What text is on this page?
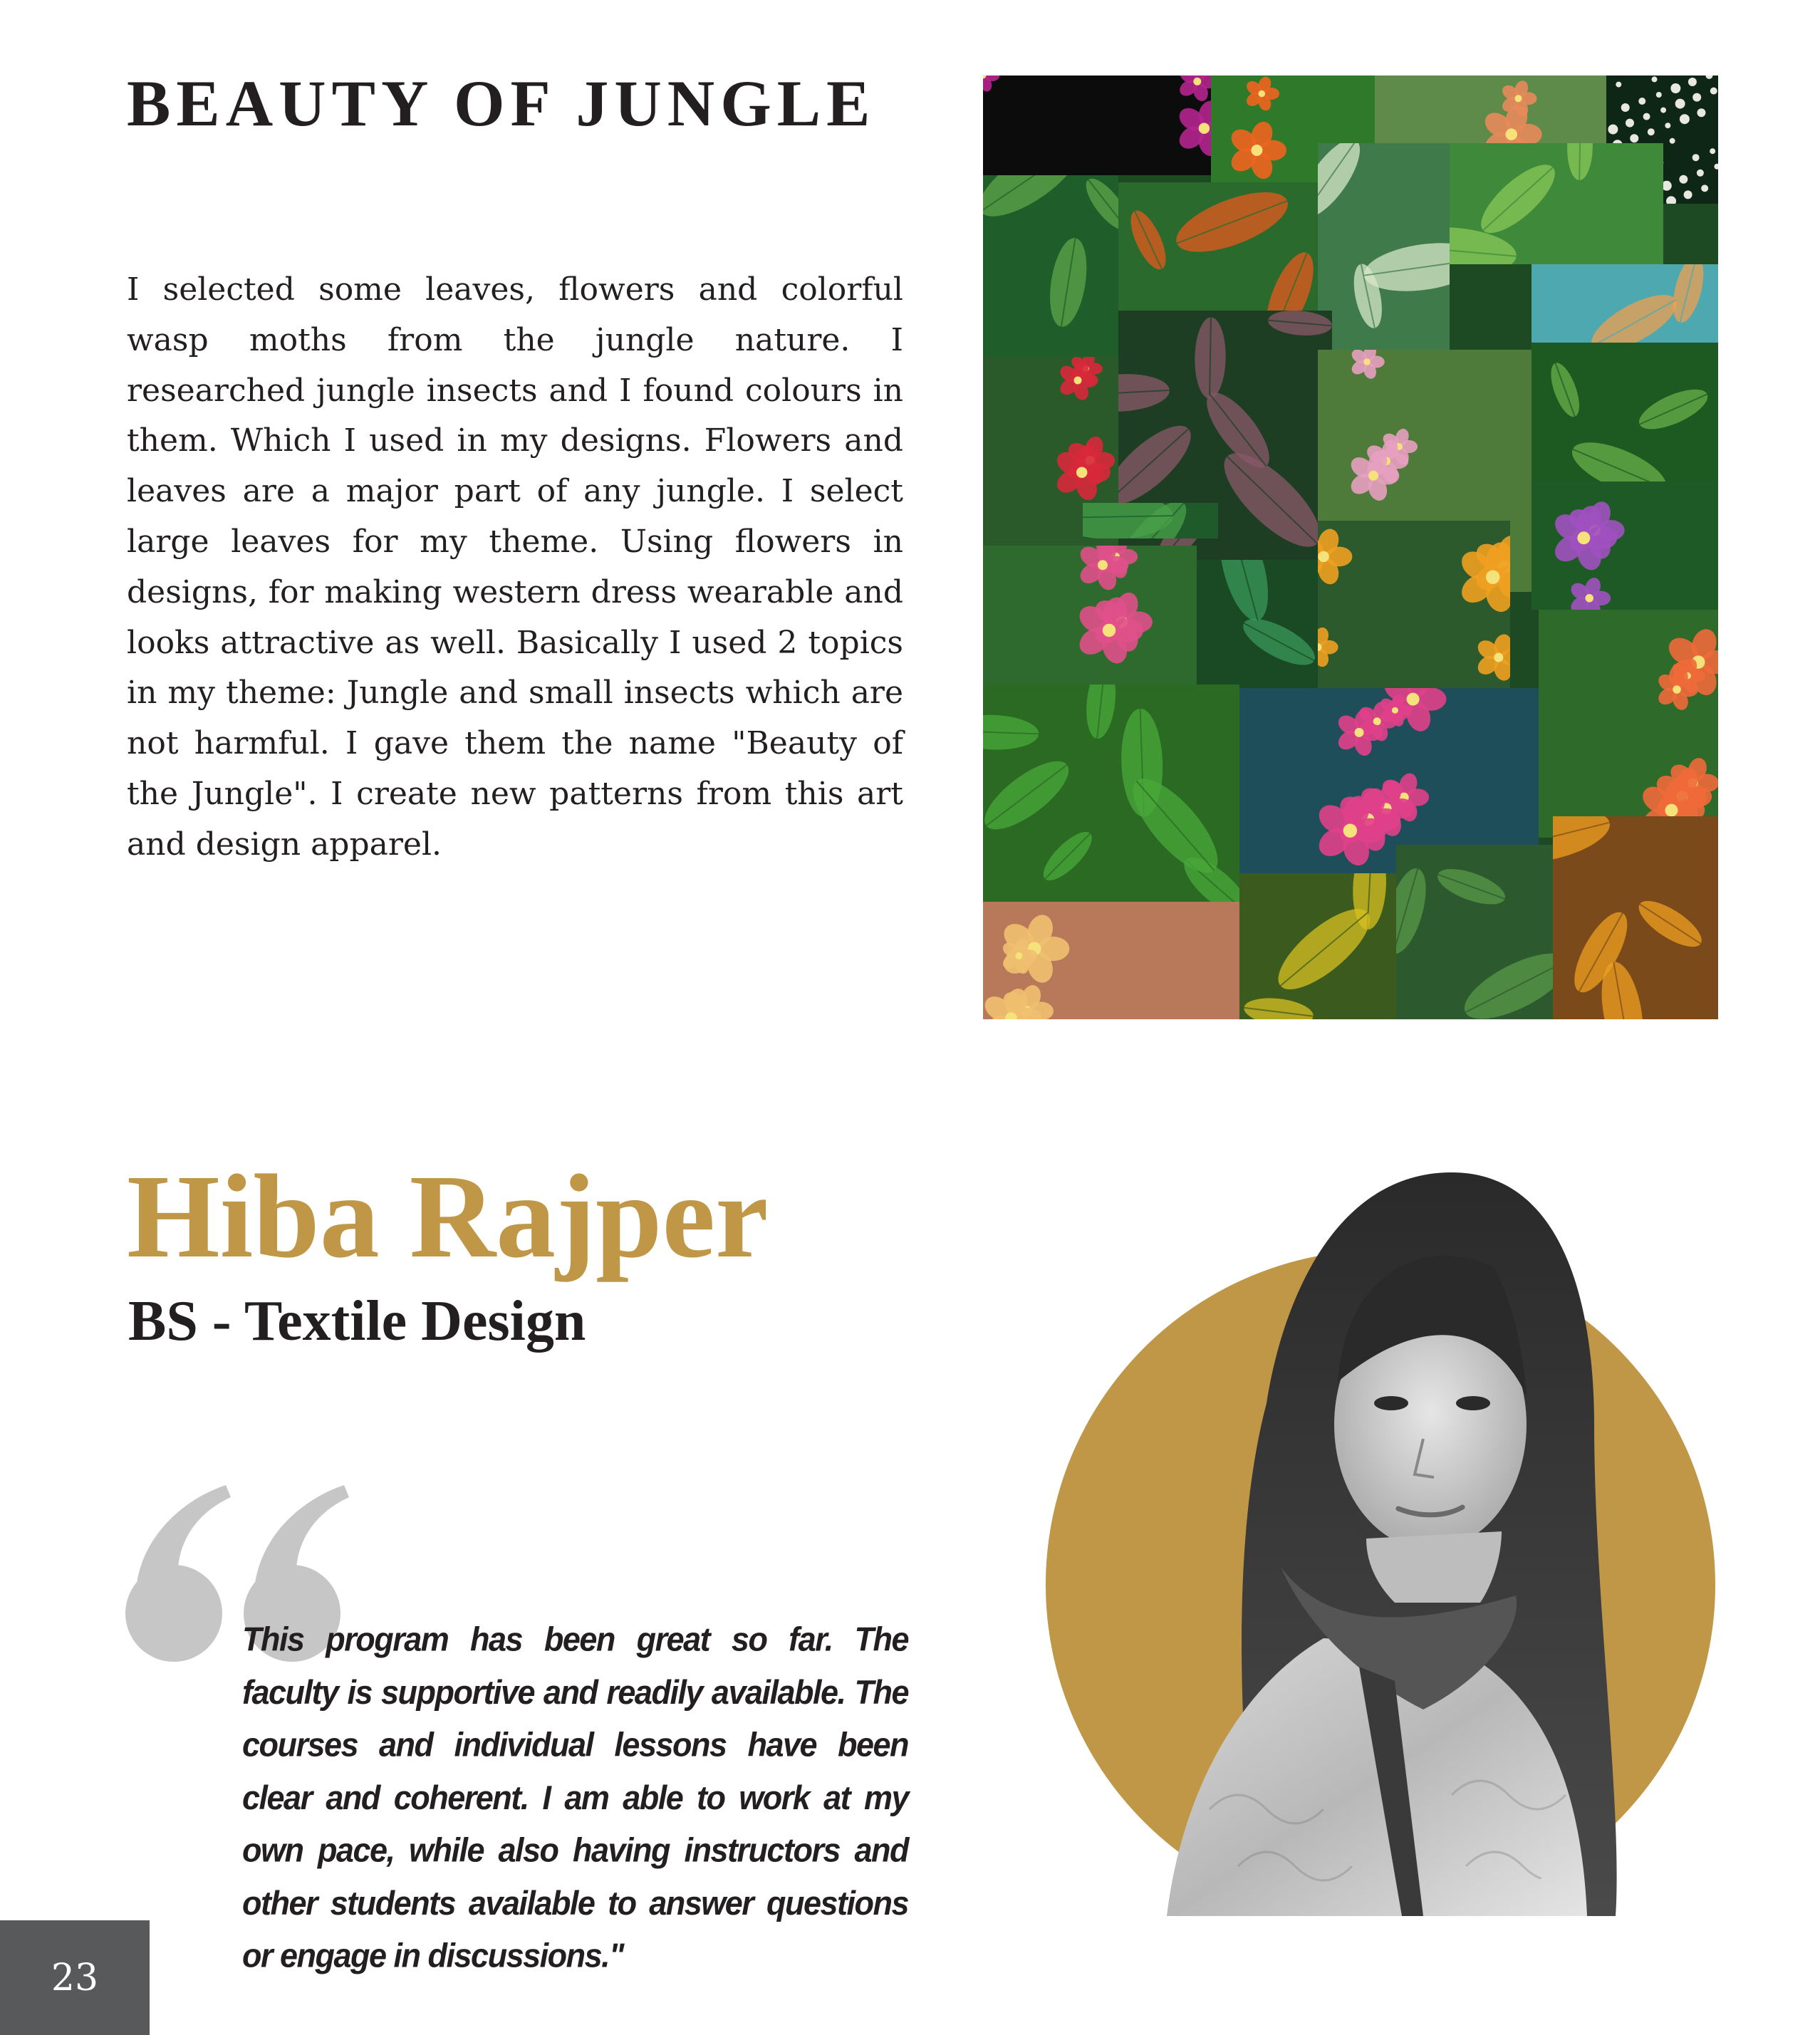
BEAUTY OF JUNGLE

I selected some leaves, flowers and colorful wasp moths from the jungle nature. I researched jungle insects and I found colours in them. Which I used in my designs. Flowers and leaves are a major part of any jungle. I select large leaves for my theme. Using flowers in designs, for making western dress wearable and looks attractive as well. Basically I used 2 topics in my theme: Jungle and small insects which are not harmful. I gave them the name "Beauty of the Jungle". I create new patterns from this art and design apparel.

Hiba Rajper
BS - Textile Design

This program has been great so far. The faculty is supportive and readily available. The courses and individual lessons have been clear and coherent. I am able to work at my own pace, while also having instructors and other students available to answer questions or engage in discussions."

23
